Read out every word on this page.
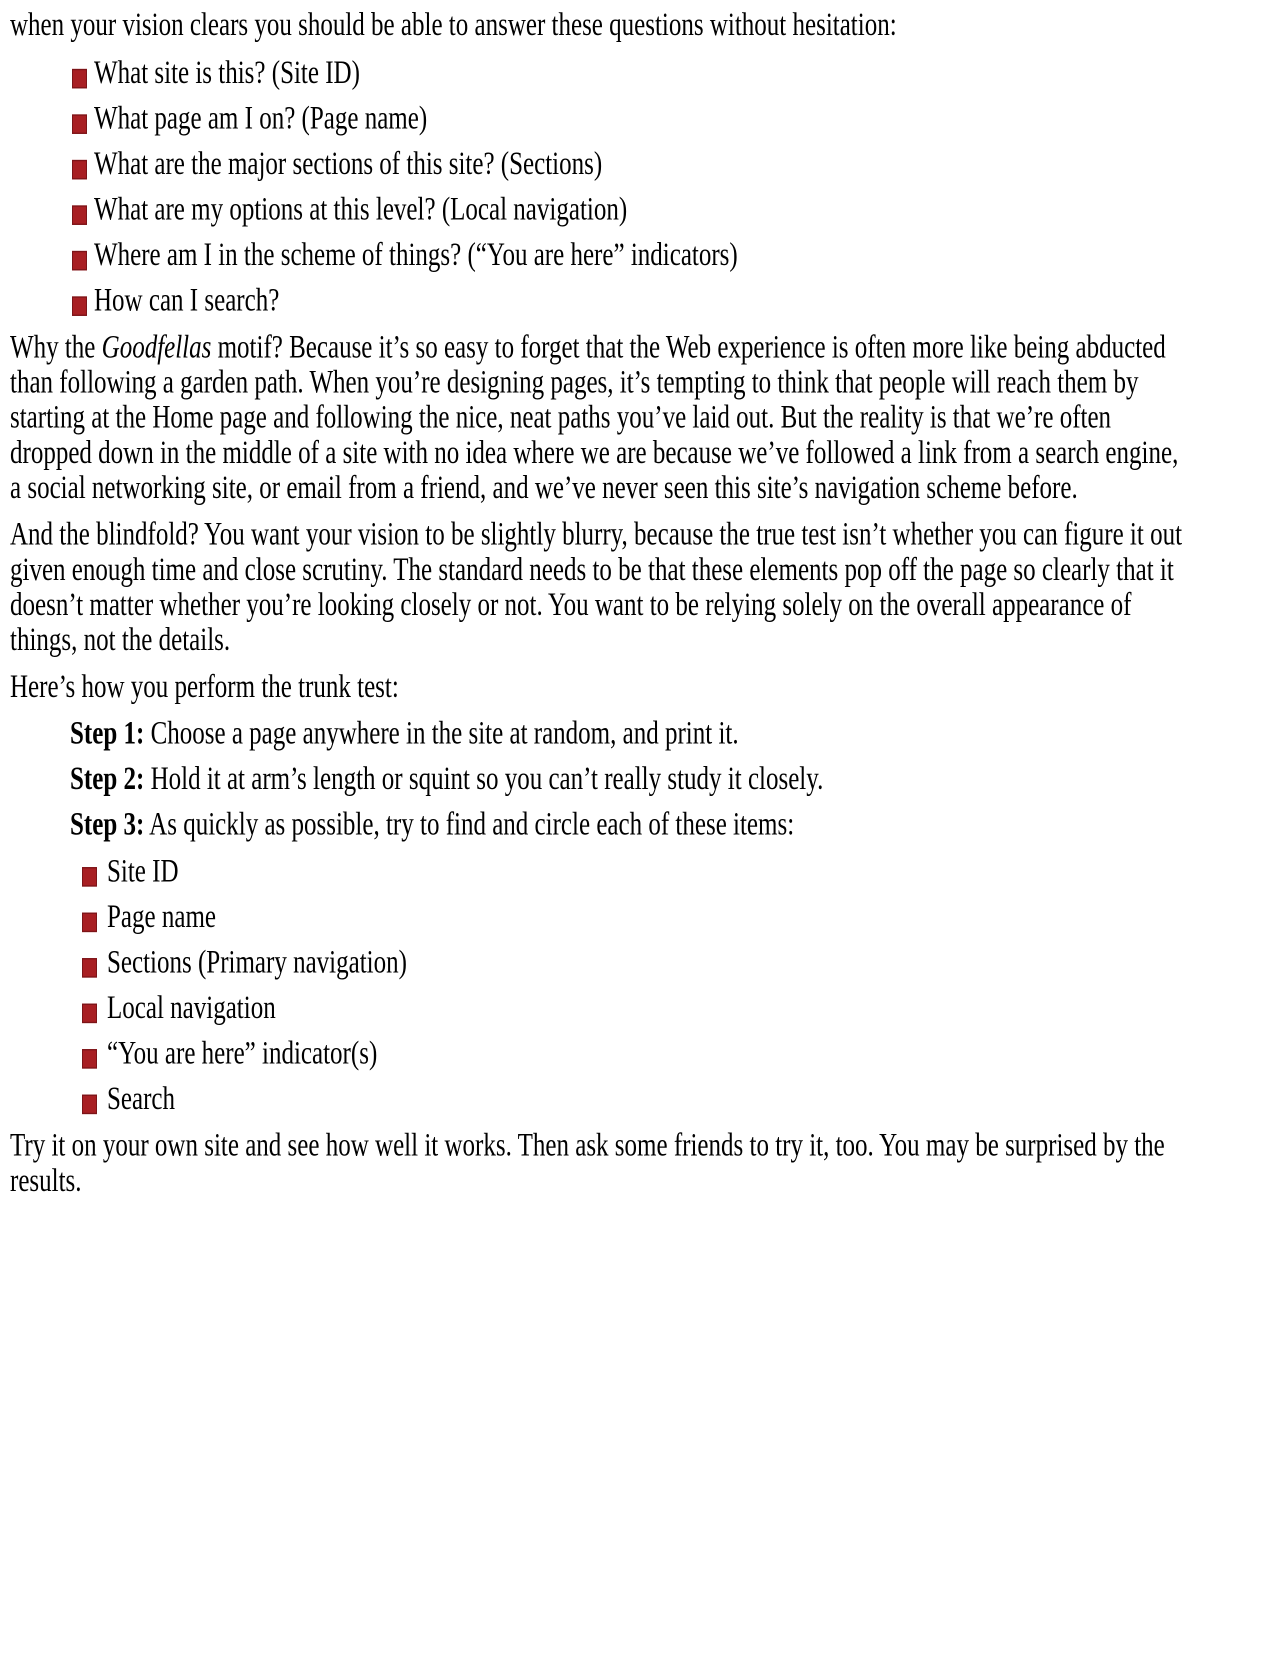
when your vision clears you should be able to answer these questions without hesitation:

What site is this? (Site ID)
What page am I on? (Page name)
What are the major sections of this site? (Sections)
What are my options at this level? (Local navigation)
Where am I in the scheme of things? (“You are here” indicators)
How can I search?

Why the Goodfellas motif? Because it’s so easy to forget that the Web experience is often more like being abducted than following a garden path. When you’re designing pages, it’s tempting to think that people will reach them by starting at the Home page and following the nice, neat paths you’ve laid out. But the reality is that we’re often dropped down in the middle of a site with no idea where we are because we’ve followed a link from a search engine, a social networking site, or email from a friend, and we’ve never seen this site’s navigation scheme before.

And the blindfold? You want your vision to be slightly blurry, because the true test isn’t whether you can figure it out given enough time and close scrutiny. The standard needs to be that these elements pop off the page so clearly that it doesn’t matter whether you’re looking closely or not. You want to be relying solely on the overall appearance of things, not the details.

Here’s how you perform the trunk test:

Step 1: Choose a page anywhere in the site at random, and print it.
Step 2: Hold it at arm’s length or squint so you can’t really study it closely.
Step 3: As quickly as possible, try to find and circle each of these items:
Site ID
Page name
Sections (Primary navigation)
Local navigation
“You are here” indicator(s)
Search

Try it on your own site and see how well it works. Then ask some friends to try it, too. You may be surprised by the results.
